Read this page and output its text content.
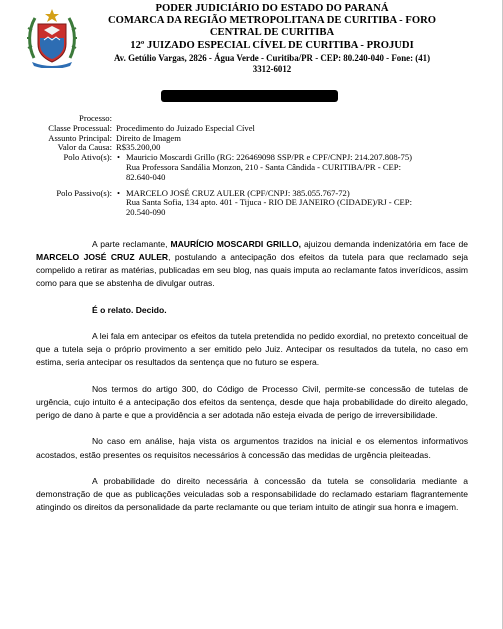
PODER JUDICIÁRIO DO ESTADO DO PARANÁ
COMARCA DA REGIÃO METROPOLITANA DE CURITIBA - FORO
CENTRAL DE CURITIBA
12º JUIZADO ESPECIAL CÍVEL DE CURITIBA - PROJUDI
Av. Getúlio Vargas, 2826 - Água Verde - Curitiba/PR - CEP: 80.240-040 - Fone: (41)
3312-6012
Processo:

Classe Processual: Procedimento do Juizado Especial Cível
Assunto Principal: Direito de Imagem
Valor da Causa: R$35.200,00
Polo Ativo(s): • Mauricio Moscardi Grillo (RG: 226469098 SSP/PR e CPF/CNPJ: 214.207.808-75)
Rua Professora Sandália Monzon, 210 - Santa Cândida - CURITIBA/PR - CEP:
82.640-040
Polo Passivo(s): • MARCELO JOSÉ CRUZ AULER (CPF/CNPJ: 385.055.767-72)
Rua Santa Sofia, 134 apto. 401 - Tijuca - RIO DE JANEIRO (CIDADE)/RJ - CEP:
20.540-090

A parte reclamante, MAURÍCIO MOSCARDI GRILLO, ajuizou demanda indenizatória em face de MARCELO JOSÉ CRUZ AULER, postulando a antecipação dos efeitos da tutela para que reclamado seja compelido a retirar as matérias, publicadas em seu blog, nas quais imputa ao reclamante fatos inverídicos, assim como para que se abstenha de divulgar outras.

É o relato. Decido.

A lei fala em antecipar os efeitos da tutela pretendida no pedido exordial, no pretexto conceitual de que a tutela seja o próprio provimento a ser emitido pelo Juiz. Antecipar os resultados da tutela, no caso em estima, seria antecipar os resultados da sentença que no futuro se espera.

Nos termos do artigo 300, do Código de Processo Civil, permite-se concessão de tutelas de urgência, cujo intuito é a antecipação dos efeitos da sentença, desde que haja probabilidade do direito alegado, perigo de dano à parte e que a providência a ser adotada não esteja eivada de perigo de irreversibilidade.

No caso em análise, haja vista os argumentos trazidos na inicial e os elementos informativos acostados, estão presentes os requisitos necessários à concessão das medidas de urgência pleiteadas.

A probabilidade do direito necessária à concessão da tutela se consolidaria mediante a demonstração de que as publicações veiculadas sob a responsabilidade do reclamado estariam flagrantemente atingindo os direitos da personalidade da parte reclamante ou que teriam intuito de atingir sua honra e imagem.
